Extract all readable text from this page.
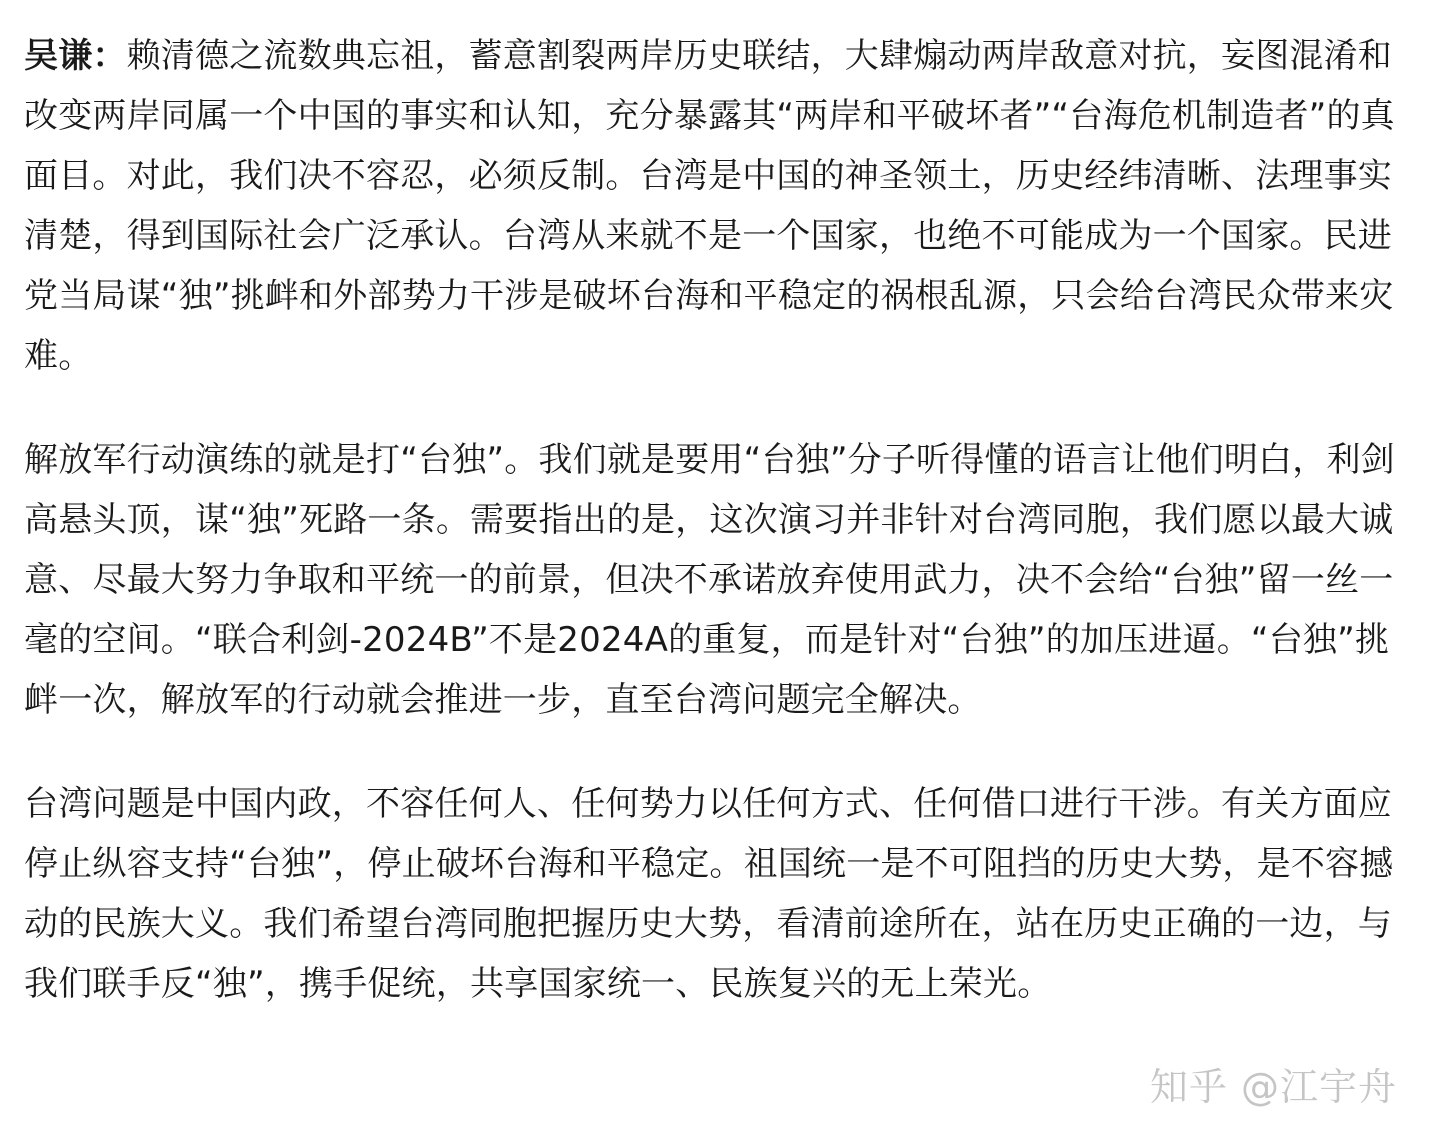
吴谦：赖清德之流数典忘祖，蓄意割裂两岸历史联结，大肆煽动两岸敌意对抗，妄图混淆和改变两岸同属一个中国的事实和认知，充分暴露其“两岸和平破坏者”“台海危机制造者”的真面目。对此，我们决不容忍，必须反制。台湾是中国的神圣领土，历史经纬清晰、法理事实清楚，得到国际社会广泛承认。台湾从来就不是一个国家，也绝不可能成为一个国家。民进党当局谋“独”挑衅和外部势力干涉是破坏台海和平稳定的祸根乱源，只会给台湾民众带来灾难。

解放军行动演练的就是打“台独”。我们就是要用“台独”分子听得懂的语言让他们明白，利剑高悬头顶，谋“独”死路一条。需要指出的是，这次演习并非针对台湾同胞，我们愿以最大诚意、尽最大努力争取和平统一的前景，但决不承诺放弃使用武力，决不会给“台独”留一丝一毫的空间。“联合利剑-2024B”不是2024A的重复，而是针对“台独”的加压进逼。“台独”挑衅一次，解放军的行动就会推进一步，直至台湾问题完全解决。

台湾问题是中国内政，不容任何人、任何势力以任何方式、任何借口进行干涉。有关方面应停止纵容支持“台独”，停止破坏台海和平稳定。祖国统一是不可阻挡的历史大势，是不容撼动的民族大义。我们希望台湾同胞把握历史大势，看清前途所在，站在历史正确的一边，与我们联手反“独”，携手促统，共享国家统一、民族复兴的无上荣光。

知乎 @江宇舟
